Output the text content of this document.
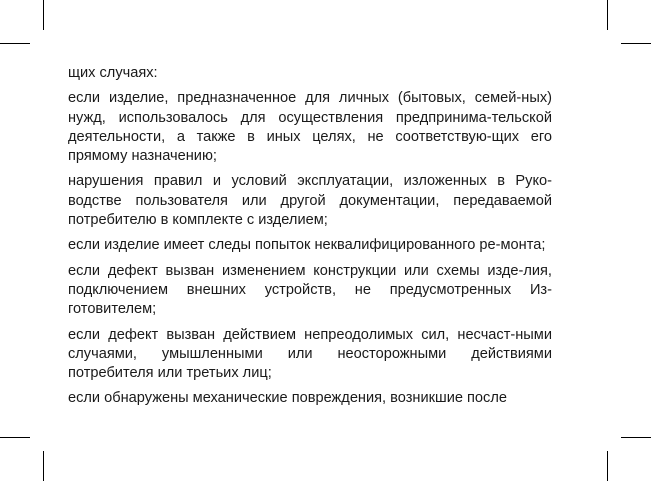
щих случаях:

если изделие, предназначенное для личных (бытовых, семей-ных) нужд, использовалось для осуществления предпринима-тельской деятельности, а также в иных целях, не соответствую-щих его прямому назначению;

нарушения правил и условий эксплуатации, изложенных в Руко-водстве пользователя или другой документации, передаваемой потребителю в комплекте с изделием;

если изделие имеет следы попыток неквалифицированного ре-монта;

если дефект вызван изменением конструкции или схемы изде-лия, подключением внешних устройств, не предусмотренных Из-готовителем;

если дефект вызван действием непреодолимых сил, несчаст-ными случаями, умышленными или неосторожными действиями потребителя или третьих лиц;

если обнаружены механические повреждения, возникшие после
